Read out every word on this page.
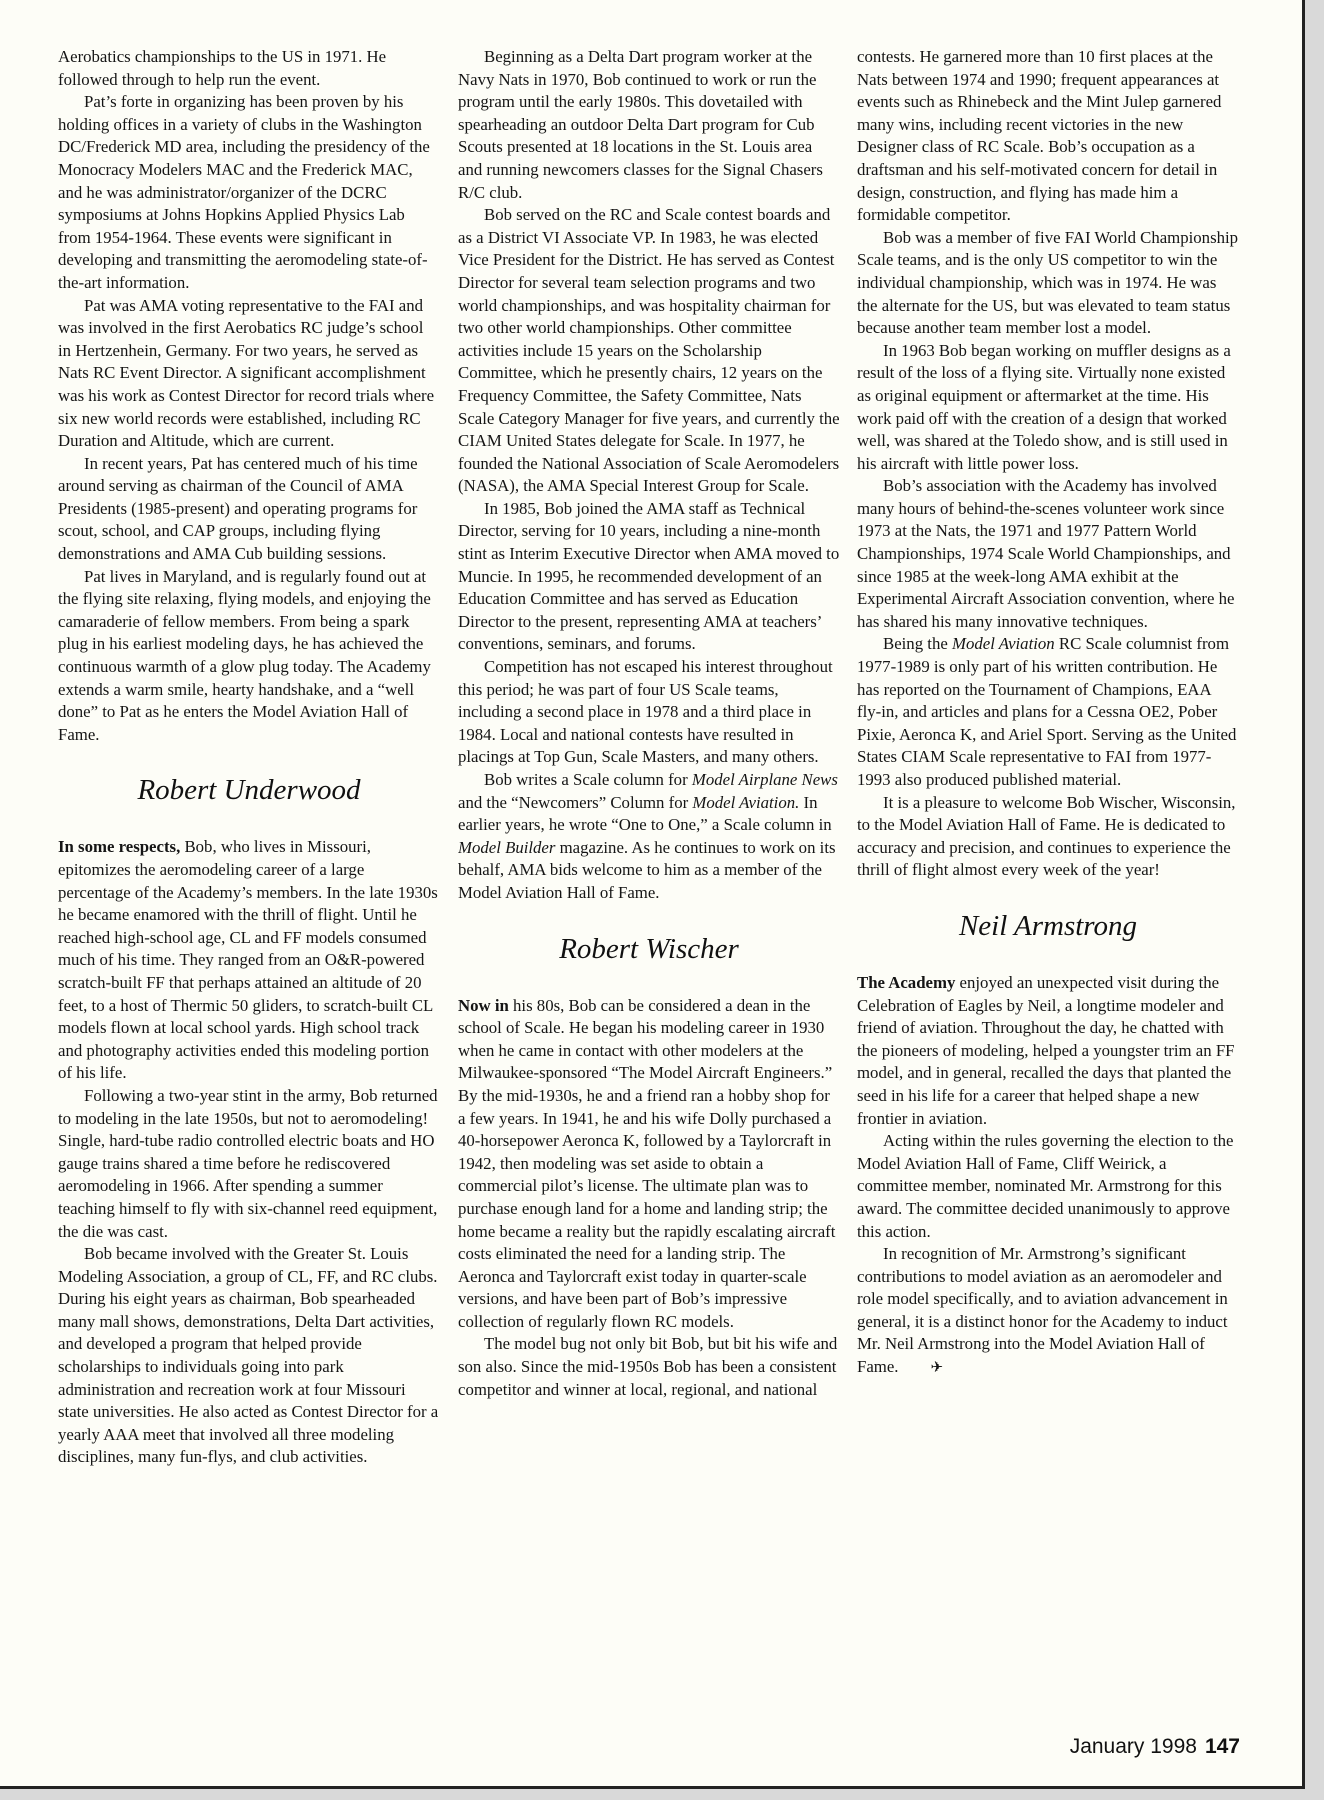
Aerobatics championships to the US in 1971. He followed through to help run the event.

Pat’s forte in organizing has been proven by his holding offices in a variety of clubs in the Washington DC/Frederick MD area, including the presidency of the Monocracy Modelers MAC and the Frederick MAC, and he was administrator/organizer of the DCRC symposiums at Johns Hopkins Applied Physics Lab from 1954-1964. These events were significant in developing and transmitting the aeromodeling state-of-the-art information.

Pat was AMA voting representative to the FAI and was involved in the first Aerobatics RC judge’s school in Hertzenhein, Germany. For two years, he served as Nats RC Event Director. A significant accomplishment was his work as Contest Director for record trials where six new world records were established, including RC Duration and Altitude, which are current.

In recent years, Pat has centered much of his time around serving as chairman of the Council of AMA Presidents (1985-present) and operating programs for scout, school, and CAP groups, including flying demonstrations and AMA Cub building sessions.

Pat lives in Maryland, and is regularly found out at the flying site relaxing, flying models, and enjoying the camaraderie of fellow members. From being a spark plug in his earliest modeling days, he has achieved the continuous warmth of a glow plug today. The Academy extends a warm smile, hearty handshake, and a “well done” to Pat as he enters the Model Aviation Hall of Fame.

Robert Underwood

In some respects, Bob, who lives in Missouri, epitomizes the aeromodeling career of a large percentage of the Academy’s members. In the late 1930s he became enamored with the thrill of flight. Until he reached high-school age, CL and FF models consumed much of his time. They ranged from an O&R-powered scratch-built FF that perhaps attained an altitude of 20 feet, to a host of Thermic 50 gliders, to scratch-built CL models flown at local school yards. High school track and photography activities ended this modeling portion of his life.

Following a two-year stint in the army, Bob returned to modeling in the late 1950s, but not to aeromodeling! Single, hard-tube radio controlled electric boats and HO gauge trains shared a time before he rediscovered aeromodeling in 1966. After spending a summer teaching himself to fly with six-channel reed equipment, the die was cast.

Bob became involved with the Greater St. Louis Modeling Association, a group of CL, FF, and RC clubs. During his eight years as chairman, Bob spearheaded many mall shows, demonstrations, Delta Dart activities, and developed a program that helped provide scholarships to individuals going into park administration and recreation work at four Missouri state universities. He also acted as Contest Director for a yearly AAA meet that involved all three modeling disciplines, many fun-flys, and club activities.

Beginning as a Delta Dart program worker at the Navy Nats in 1970, Bob continued to work or run the program until the early 1980s. This dovetailed with spearheading an outdoor Delta Dart program for Cub Scouts presented at 18 locations in the St. Louis area and running newcomers classes for the Signal Chasers R/C club.

Bob served on the RC and Scale contest boards and as a District VI Associate VP. In 1983, he was elected Vice President for the District. He has served as Contest Director for several team selection programs and two world championships, and was hospitality chairman for two other world championships. Other committee activities include 15 years on the Scholarship Committee, which he presently chairs, 12 years on the Frequency Committee, the Safety Committee, Nats Scale Category Manager for five years, and currently the CIAM United States delegate for Scale. In 1977, he founded the National Association of Scale Aeromodelers (NASA), the AMA Special Interest Group for Scale.

In 1985, Bob joined the AMA staff as Technical Director, serving for 10 years, including a nine-month stint as Interim Executive Director when AMA moved to Muncie. In 1995, he recommended development of an Education Committee and has served as Education Director to the present, representing AMA at teachers’ conventions, seminars, and forums.

Competition has not escaped his interest throughout this period; he was part of four US Scale teams, including a second place in 1978 and a third place in 1984. Local and national contests have resulted in placings at Top Gun, Scale Masters, and many others.

Bob writes a Scale column for Model Airplane News and the “Newcomers” Column for Model Aviation. In earlier years, he wrote “One to One,” a Scale column in Model Builder magazine. As he continues to work on its behalf, AMA bids welcome to him as a member of the Model Aviation Hall of Fame.

Robert Wischer

Now in his 80s, Bob can be considered a dean in the school of Scale. He began his modeling career in 1930 when he came in contact with other modelers at the Milwaukee-sponsored “The Model Aircraft Engineers.” By the mid-1930s, he and a friend ran a hobby shop for a few years. In 1941, he and his wife Dolly purchased a 40-horsepower Aeronca K, followed by a Taylorcraft in 1942, then modeling was set aside to obtain a commercial pilot’s license. The ultimate plan was to purchase enough land for a home and landing strip; the home became a reality but the rapidly escalating aircraft costs eliminated the need for a landing strip. The Aeronca and Taylorcraft exist today in quarter-scale versions, and have been part of Bob’s impressive collection of regularly flown RC models.

The model bug not only bit Bob, but bit his wife and son also. Since the mid-1950s Bob has been a consistent competitor and winner at local, regional, and national

contests. He garnered more than 10 first places at the Nats between 1974 and 1990; frequent appearances at events such as Rhinebeck and the Mint Julep garnered many wins, including recent victories in the new Designer class of RC Scale. Bob’s occupation as a draftsman and his self-motivated concern for detail in design, construction, and flying has made him a formidable competitor.

Bob was a member of five FAI World Championship Scale teams, and is the only US competitor to win the individual championship, which was in 1974. He was the alternate for the US, but was elevated to team status because another team member lost a model.

In 1963 Bob began working on muffler designs as a result of the loss of a flying site. Virtually none existed as original equipment or aftermarket at the time. His work paid off with the creation of a design that worked well, was shared at the Toledo show, and is still used in his aircraft with little power loss.

Bob’s association with the Academy has involved many hours of behind-the-scenes volunteer work since 1973 at the Nats, the 1971 and 1977 Pattern World Championships, 1974 Scale World Championships, and since 1985 at the week-long AMA exhibit at the Experimental Aircraft Association convention, where he has shared his many innovative techniques.

Being the Model Aviation RC Scale columnist from 1977-1989 is only part of his written contribution. He has reported on the Tournament of Champions, EAA fly-in, and articles and plans for a Cessna OE2, Pober Pixie, Aeronca K, and Ariel Sport. Serving as the United States CIAM Scale representative to FAI from 1977-1993 also produced published material.

It is a pleasure to welcome Bob Wischer, Wisconsin, to the Model Aviation Hall of Fame. He is dedicated to accuracy and precision, and continues to experience the thrill of flight almost every week of the year!

Neil Armstrong

The Academy enjoyed an unexpected visit during the Celebration of Eagles by Neil, a longtime modeler and friend of aviation. Throughout the day, he chatted with the pioneers of modeling, helped a youngster trim an FF model, and in general, recalled the days that planted the seed in his life for a career that helped shape a new frontier in aviation.

Acting within the rules governing the election to the Model Aviation Hall of Fame, Cliff Weirick, a committee member, nominated Mr. Armstrong for this award. The committee decided unanimously to approve this action.

In recognition of Mr. Armstrong’s significant contributions to model aviation as an aeromodeler and role model specifically, and to aviation advancement in general, it is a distinct honor for the Academy to induct Mr. Neil Armstrong into the Model Aviation Hall of Fame. ✈

January 1998 147
